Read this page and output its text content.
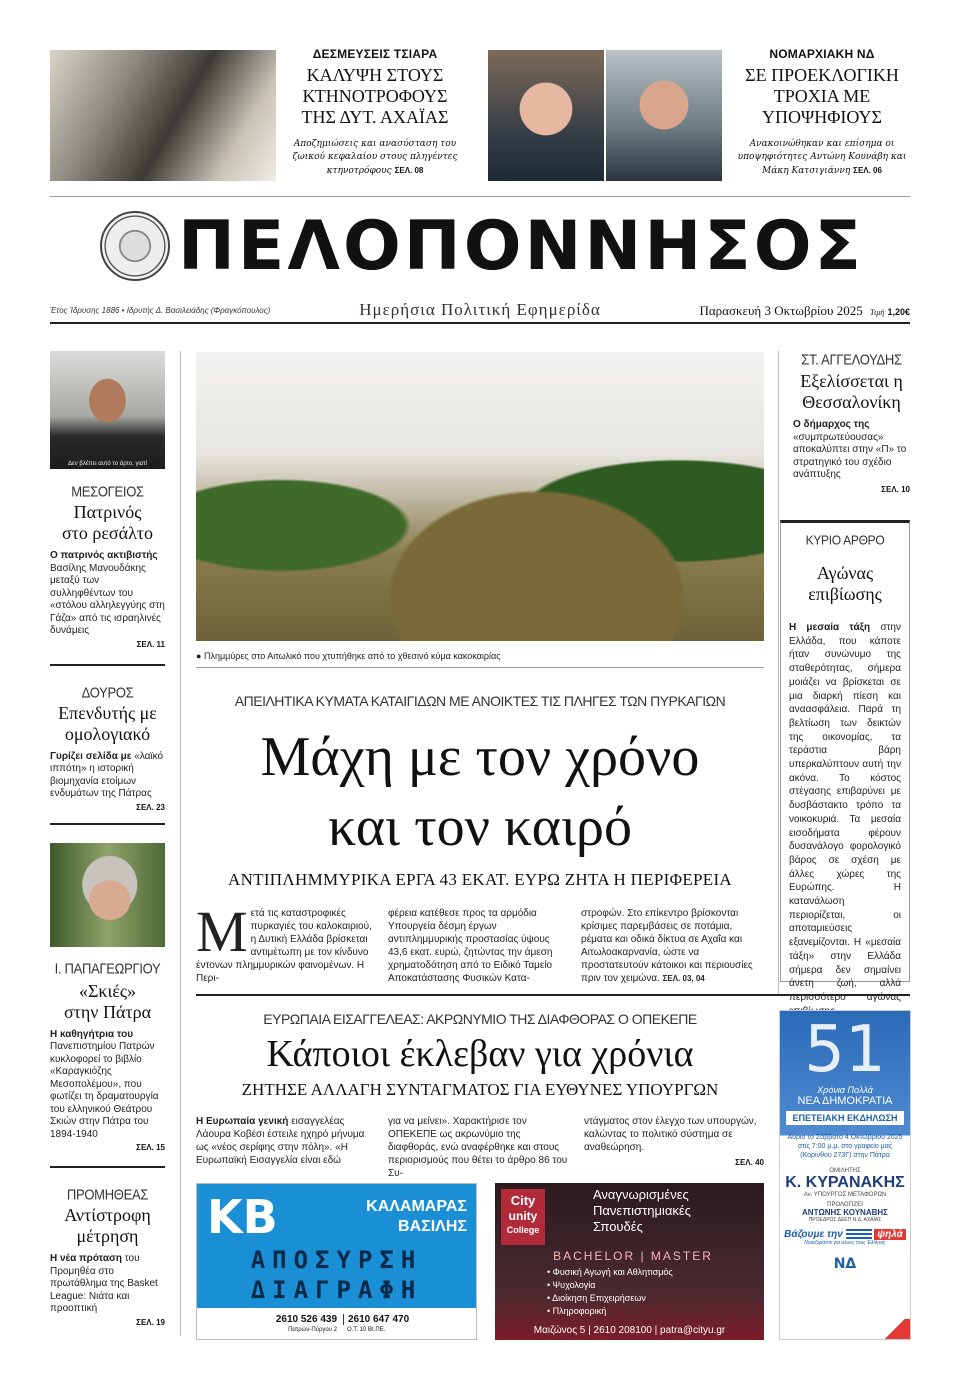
ΔΕΣΜΕΥΣΕΙΣ ΤΣΙΑΡΑ
ΚΑΛΥΨΗ ΣΤΟΥΣ
ΚΤΗΝΟΤΡΟΦΟΥΣ
ΤΗΣ ΔΥΤ. ΑΧΑΪΑΣ
Αποζημιώσεις και ανασύσταση του ζωικού κεφαλαίου στους πληγέντες κτηνοτρόφους ΣΕΛ. 08
ΝΟΜΑΡΧΙΑΚΗ ΝΔ
ΣΕ ΠΡΟΕΚΛΟΓΙΚΗ
ΤΡΟΧΙΑ ΜΕ
ΥΠΟΨΗΦΙΟΥΣ
Ανακοινώθηκαν και επίσημα οι υποψηφιότητες Αντώνη Κουνάβη και Μάκη Κατσιγιάννη ΣΕΛ. 06
ΠΕΛΟΠΟΝΝΗΣΟΣ
Έτος Ίδρυσης 1886 • Ιδρυτής Δ. Βασιλειάδης (Φραγκόπουλος)	Ημερήσια Πολιτική Εφημερίδα	Παρασκευή 3 Οκτωβρίου 2025 Τιμή 1,20€
Δεν βλέπει αυτό το άρτο, γιατί
ΜΕΣΟΓΕΙΟΣ
Πατρινός
στο ρεσάλτο
Ο πατρινός ακτιβιστής Βασίλης Μανουδάκης μεταξύ των συλληφθέντων του «στόλου αλληλεγγύης στη Γάζα» από τις ισραηλινές δυνάμεις
ΣΕΛ. 11
ΔΟΥΡΟΣ
Επενδυτής με
ομολογιακό
Γυρίζει σελίδα με «λαϊκό ιππότη» η ιστορική βιομηχανία ετοίμων ενδυμάτων της Πάτρας
ΣΕΛ. 23
Ι. ΠΑΠΑΓΕΩΡΓΙΟΥ
«Σκιές»
στην Πάτρα
Η καθηγήτρια του Πανεπιστημίου Πατρών κυκλοφορεί το βιβλίο «Καραγκιόζης Μεσοπολέμου», που φωτίζει τη δραματουργία του ελληνικού Θεάτρου Σκιών στην Πάτρα του 1894-1940
ΣΕΛ. 15
ΠΡΟΜΗΘΕΑΣ
Αντίστροφη
μέτρηση
Η νέα πρόταση του Προμηθέα στο πρωτάθλημα της Basket League: Νιάτα και προοπτική
ΣΕΛ. 19
● Πλημμύρες στο Αιτωλικό που χτυπήθηκε από το χθεσινό κύμα κακοκαιρίας
ΑΠΕΙΛΗΤΙΚΑ ΚΥΜΑΤΑ ΚΑΤΑΙΓΙΔΩΝ ΜΕ ΑΝΟΙΚΤΕΣ ΤΙΣ ΠΛΗΓΕΣ ΤΩΝ ΠΥΡΚΑΓΙΩΝ
Μάχη με τον χρόνο
και τον καιρό
ΑΝΤΙΠΛΗΜΜΥΡΙΚΑ ΕΡΓΑ 43 ΕΚΑΤ. ΕΥΡΩ ΖΗΤΑ Η ΠΕΡΙΦΕΡΕΙΑ
Μ ετά τις καταστροφικές πυρκαγιές του καλοκαιριού, η Δυτική Ελλάδα βρίσκεται αντιμέτωπη με τον κίνδυνο έντονων πλημμυρικών φαινομένων. Η Περι-
φέρεια κατέθεσε προς τα αρμόδια Υπουργεία δέσμη έργων αντιπλημμυρικής προστασίας ύψους 43,6 εκατ. ευρώ, ζητώντας την άμεση χρηματοδότηση από το Ειδικό Ταμείο Αποκατάστασης Φυσικών Κατα-
στροφών. Στο επίκεντρο βρίσκονται κρίσιμες παρεμβάσεις σε ποτάμια, ρέματα και οδικά δίκτυα σε Αχαΐα και Αιτωλοακαρνανία, ώστε να προστατευτούν κάτοικοι και περιουσίες πριν τον χειμώνα. ΣΕΛ. 03, 04
ΕΥΡΩΠΑΙΑ ΕΙΣΑΓΓΕΛΕΑΣ: ΑΚΡΩΝΥΜΙΟ ΤΗΣ ΔΙΑΦΘΟΡΑΣ Ο ΟΠΕΚΕΠΕ
Κάποιοι έκλεβαν για χρόνια
ΖΗΤΗΣΕ ΑΛΛΑΓΗ ΣΥΝΤΑΓΜΑΤΟΣ ΓΙΑ ΕΥΘΥΝΕΣ ΥΠΟΥΡΓΩΝ
Η Ευρωπαία γενική εισαγγελέας Λάουρα Κοβέσι έστειλε ηχηρό μήνυμα ως «νέος σερίφης στην πόλη». «Η Ευρωπαϊκή Εισαγγελία είναι εδώ
για να μείνει». Χαρακτήρισε τον ΟΠΕΚΕΠΕ ως ακρωνύμιο της διαφθοράς, ενώ αναφέρθηκε και στους περιορισμούς που θέτει το άρθρο 86 του Συ-
ντάγματος στον έλεγχο των υπουργών, καλώντας το πολιτικό σύστημα σε αναθεώρηση.
ΣΕΛ. 40
ΣΤ. ΑΓΓΕΛΟΥΔΗΣ
Εξελίσσεται η
Θεσσαλονίκη
Ο δήμαρχος της «συμπρωτεύουσας» αποκαλύπτει στην «Π» το στρατηγικό του σχέδιο ανάπτυξης
ΣΕΛ. 10
ΚΥΡΙΟ ΑΡΘΡΟ
Αγώνας
επιβίωσης
Η μεσαία τάξη στην Ελλάδα, που κάποτε ήταν συνώνυμο της σταθερότητας, σήμερα μοιάζει να βρίσκεται σε μια διαρκή πίεση και αναασφάλεια. Παρά τη βελτίωση των δεικτών της οικονομίας, τα τεράστια βάρη υπερκαλύπτουν αυτή την ακόνα. Το κόστος στέγασης επιβαρύνει με δυσβάστακτο τρόπο τα νοικοκυριά. Τα μεσαία εισοδήματα φέρουν δυσανάλογο φορολογικό βάρος σε σχέση με άλλες χώρες της Ευρώπης. Η κατανάλωση περιορίζεται, οι αποταμιεύσεις εξανεμίζονται. Η «μεσαία τάξη» στην Ελλάδα σήμερα δεν σημαίνει άνετη ζωή, αλλά περισσότερο αγώνας
51
Χρόνια Πολλά
ΝΕΑ ΔΗΜΟΚΡΑΤΙΑ
ΕΠΕΤΕΙΑΚΗ ΕΚΔΗΛΩΣΗ
Αύριο το Σάββατο 4 Οκτωβρίου 2025
στις 7:00 μ.μ. στο γραφείο μας
(Κορίνθου 273Γ) στην Πάτρα
ΟΜΙΛΗΤΗΣ
Κ. ΚΥΡΑΝΑΚΗΣ
Αν. ΥΠΟΥΡΓΟΣ ΜΕΤΑΦΟΡΩΝ
ΠΡΟΛΟΓΙΖΕΙ
ΑΝΤΩΝΗΣ ΚΟΥΝΑΒΗΣ
ΠΡΟΕΔΡΟΣ ΔΕΕΠ Ν.Δ. ΑΧΑΪΑΣ
Βάζουμε την	ψηλά
Νοιαζόμαστε για όλους τους Έλληνες
ΝΔ
KB	ΚΑΛΑΜΑΡΑΣ
ΒΑΣΙΛΗΣ
ΑΠΟΣΥΡΣΗ
ΔΙΑΓΡΑΦΗ
2610 526 439
Πατρών-Πύργου 2
2610 647 470
Ο.Τ. 10 ΒΙ.ΠΕ.
City
unity
College
Αναγνωρισμένες
Πανεπιστημιακές
Σπουδές
BACHELOR | MASTER
• Φυσική Αγωγή και Αθλητισμός
• Ψυχολογία
• Διοίκηση Επιχειρήσεων
• Πληροφορική
Μαιζώνος 5 | 2610 208100 | patra@cityu.gr
